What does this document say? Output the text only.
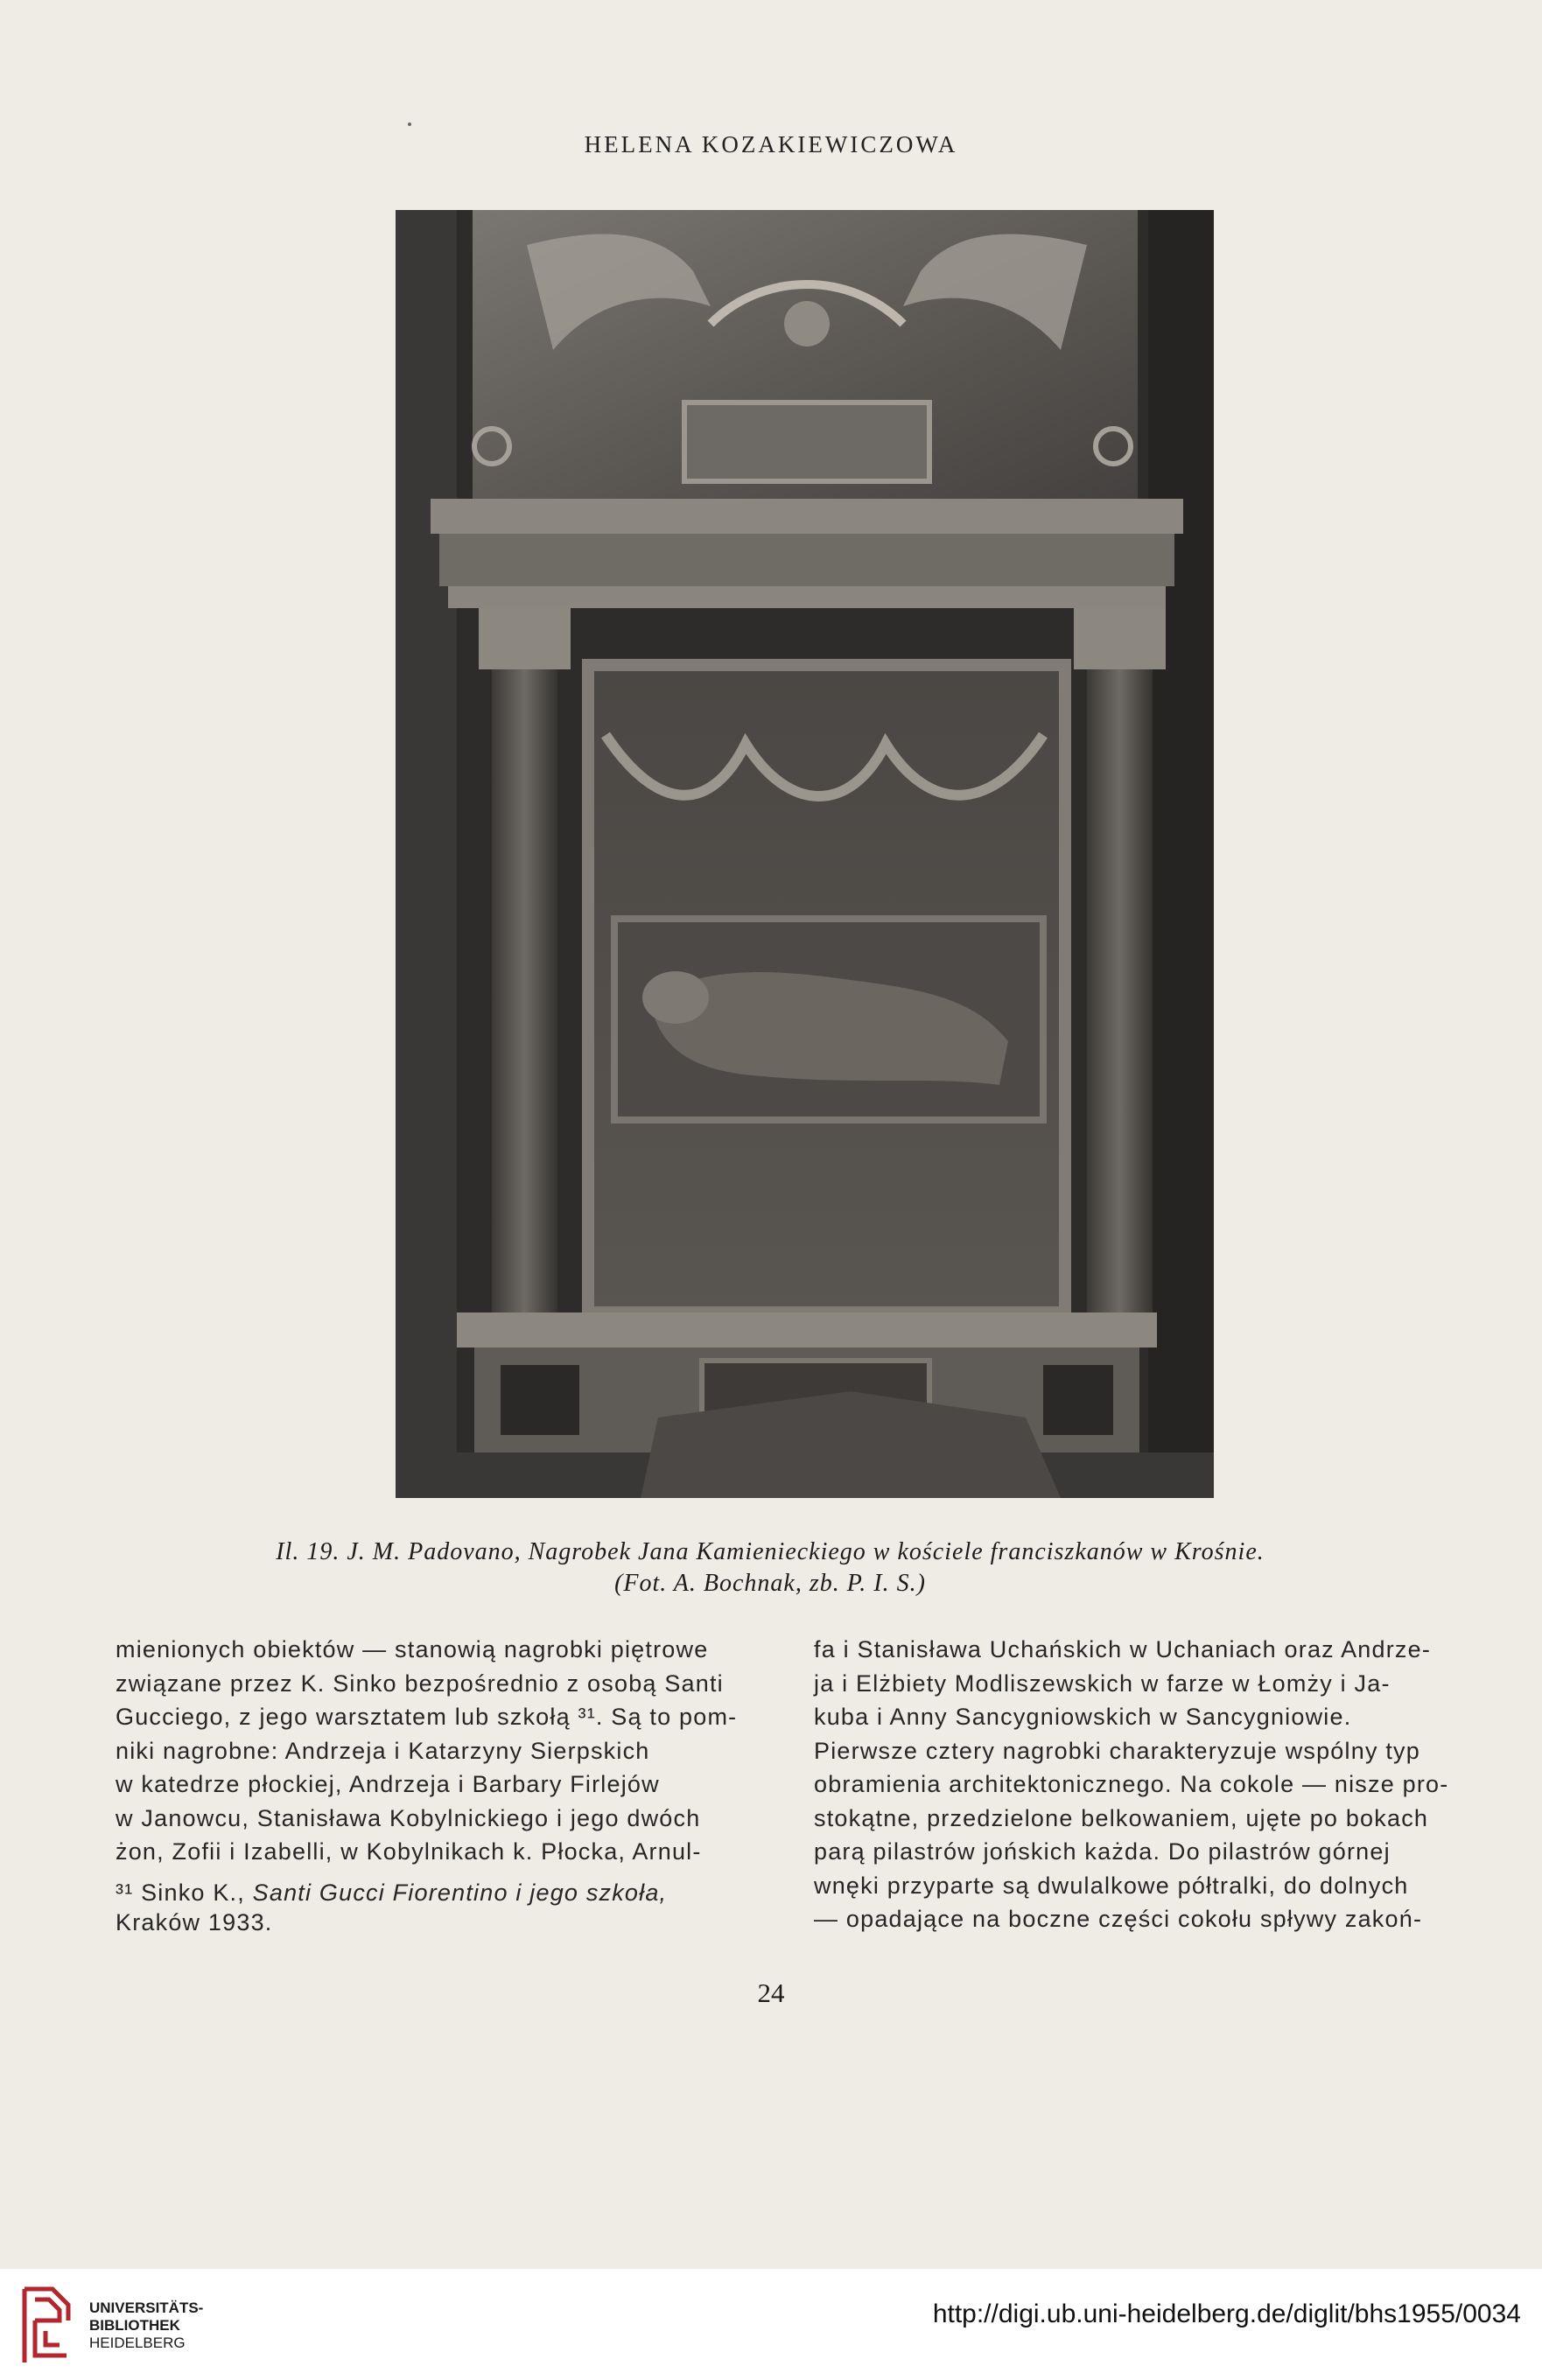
HELENA KOZAKIEWICZOWA
Il. 19. J. M. Padovano, Nagrobek Jana Kamienieckiego w kościele franciszkanów w Krośnie.
(Fot. A. Bochnak, zb. P. I. S.)
mienionych obiektów — stanowią nagrobki piętrowe
związane przez K. Sinko bezpośrednio z osobą Santi
Gucciego, z jego warsztatem lub szkołą ³¹. Są to pom-
niki nagrobne: Andrzeja i Katarzyny Sierpskich
w katedrze płockiej, Andrzeja i Barbary Firlejów
w Janowcu, Stanisława Kobylnickiego i jego dwóch
żon, Zofii i Izabelli, w Kobylnikach k. Płocka, Arnul-
fa i Stanisława Uchańskich w Uchaniach oraz Andrze-
ja i Elżbiety Modliszewskich w farze w Łomży i Ja-
kuba i Anny Sancygniowskich w Sancygniowie.
Pierwsze cztery nagrobki charakteryzuje wspólny typ
obramienia architektonicznego. Na cokole — nisze pro-
stokątne, przedzielone belkowaniem, ujęte po bokach
parą pilastrów jońskich każda. Do pilastrów górnej
wnęki przyparte są dwulalkowe półtralki, do dolnych
— opadające na boczne części cokołu spływy zakoń-
³¹ Sinko K., Santi Gucci Fiorentino i jego szkoła,
Kraków 1933.
24
UNIVERSITÄTS-
BIBLIOTHEK
HEIDELBERG
http://digi.ub.uni-heidelberg.de/diglit/bhs1955/0034
